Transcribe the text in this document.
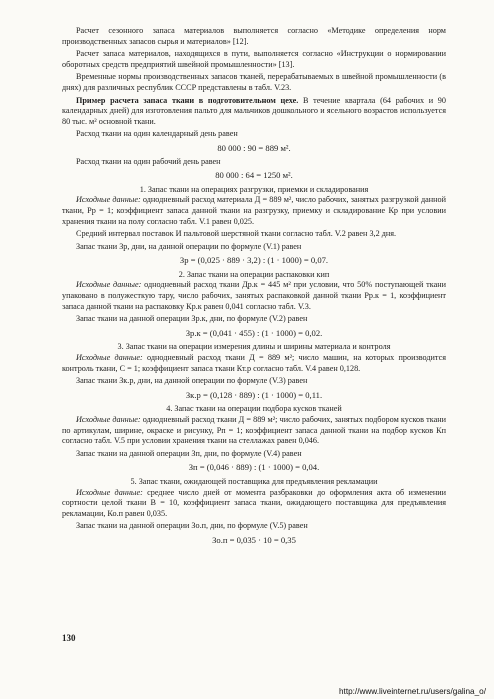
Расчет сезонного запаса материалов выполняется согласно «Методике определения норм производственных запасов сырья и материалов» [12].

Расчет запаса материалов, находящихся в пути, выполняется согласно «Инструкции о нормировании оборотных средств предприятий швейной промышленности» [13].

Временные нормы производственных запасов тканей, перерабатываемых в швейной промышленности (в днях) для различных республик СССР представлены в табл. V.23.

Пример расчета запаса ткани в подготовительном цехе. В течение квартала (64 рабочих и 90 календарных дней) для изготовления пальто для мальчиков дошкольного и ясельного возрастов используется 80 тыс. м² основной ткани.

Расход ткани на один календарный день равен

80 000 : 90 = 889 м².

Расход ткани на один рабочий день равен

80 000 : 64 = 1250 м².

1. Запас ткани на операциях разгрузки, приемки и складирования

Исходные данные: однодневный расход материала Д = 889 м², число рабочих, занятых разгрузкой данной ткани, Рр = 1; коэффициент запаса данной ткани на разгрузку, приемку и складирование Кр при условии хранения ткани на полу согласно табл. V.1 равен 0,025.

Средний интервал поставок И пальтовой шерстяной ткани согласно табл. V.2 равен 3,2 дня.

Запас ткани Зр, дни, на данной операции по формуле (V.1) равен

Зр = (0,025 · 889 · 3,2) : (1 · 1000) = 0,07.

2. Запас ткани на операции распаковки кип

Исходные данные: однодневный расход ткани Др.к = 445 м² при условии, что 50% поступающей ткани упаковано в полужесткую тару, число рабочих, занятых распаковкой данной ткани Рр.к = 1, коэффициент запаса данной ткани на распаковку Кр.к равен 0,041 согласно табл. V.3.

Запас ткани на данной операции Зр.к, дни, по формуле (V.2) равен

Зр.к = (0,041 · 455) : (1 · 1000) = 0,02.

3. Запас ткани на операции измерения длины и ширины материала и контроля

Исходные данные: однодневный расход ткани Д = 889 м²; число машин, на которых производится контроль ткани, С = 1; коэффициент запаса ткани Кт.р согласно табл. V.4 равен 0,128.

Запас ткани Зк.р, дни, на данной операции по формуле (V.3) равен

Зк.р = (0,128 · 889) : (1 · 1000) = 0,11.

4. Запас ткани на операции подбора кусков тканей

Исходные данные: однодневный расход ткани Д = 889 м²; число рабочих, занятых подбором кусков ткани по артикулам, ширине, окраске и рисунку, Рп = 1; коэффициент запаса данной ткани на подбор кусков Кп согласно табл. V.5 при условии хранения ткани на стеллажах равен 0,046.

Запас ткани на данной операции Зп, дни, по формуле (V.4) равен

Зп = (0,046 · 889) : (1 · 1000) = 0,04.

5. Запас ткани, ожидающей поставщика для предъявления рекламации

Исходные данные: среднее число дней от момента разбраковки до оформления акта об изменении сортности целой ткани В = 10, коэффициент запаса ткани, ожидающего поставщика для предъявления рекламации, Ко.п равен 0,035.

Запас ткани на данной операции Зо.п, дни, по формуле (V.5) равен

Зо.п = 0,035 · 10 = 0,35

130
http://www.liveinternet.ru/users/galina_o/
